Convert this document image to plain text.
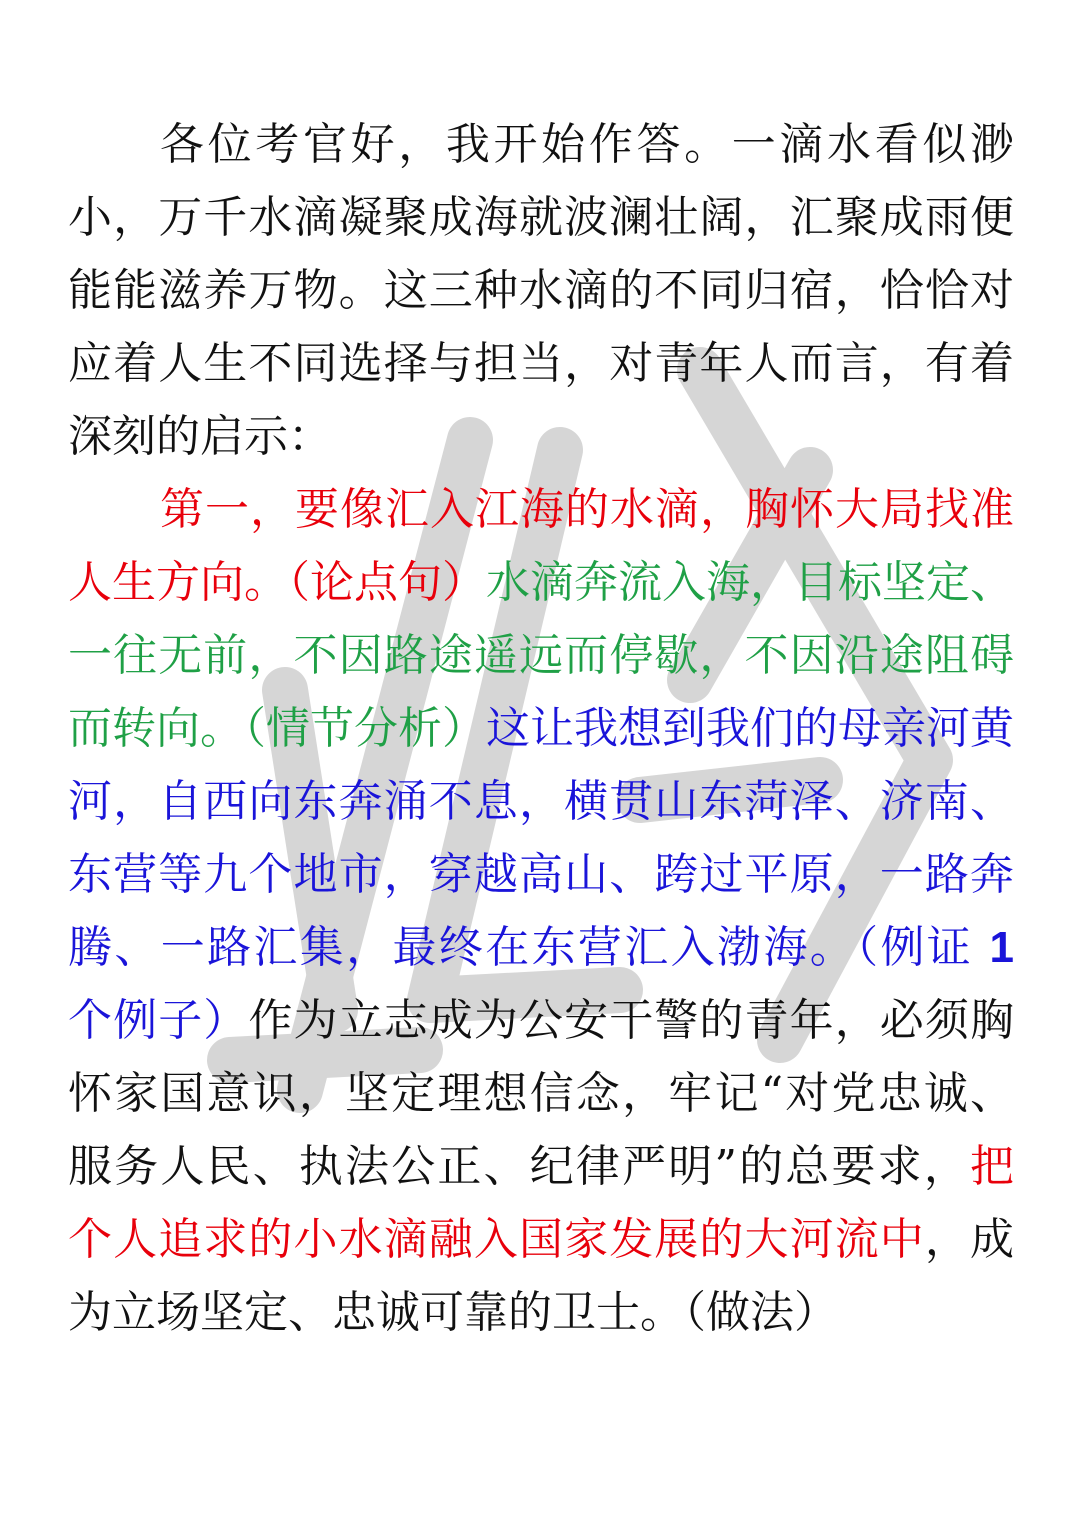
各位考官好，我开始作答。一滴水看似渺小，万千水滴凝聚成海就波澜壮阔，汇聚成雨便能能滋养万物。这三种水滴的不同归宿，恰恰对应着人生不同选择与担当，对青年人而言，有着深刻的启示：

第一，要像汇入江海的水滴，胸怀大局找准人生方向。（论点句）水滴奔流入海，目标坚定、一往无前，不因路途遥远而停歇，不因沿途阻碍而转向。（情节分析）这让我想到我们的母亲河黄河，自西向东奔涌不息，横贯山东菏泽、济南、东营等九个地市，穿越高山、跨过平原，一路奔腾、一路汇集，最终在东营汇入渤海。（例证 1 个例子）作为立志成为公安干警的青年，必须胸怀家国意识，坚定理想信念，牢记“对党忠诚、服务人民、执法公正、纪律严明”的总要求，把个人追求的小水滴融入国家发展的大河流中，成为立场坚定、忠诚可靠的卫士。（做法）
